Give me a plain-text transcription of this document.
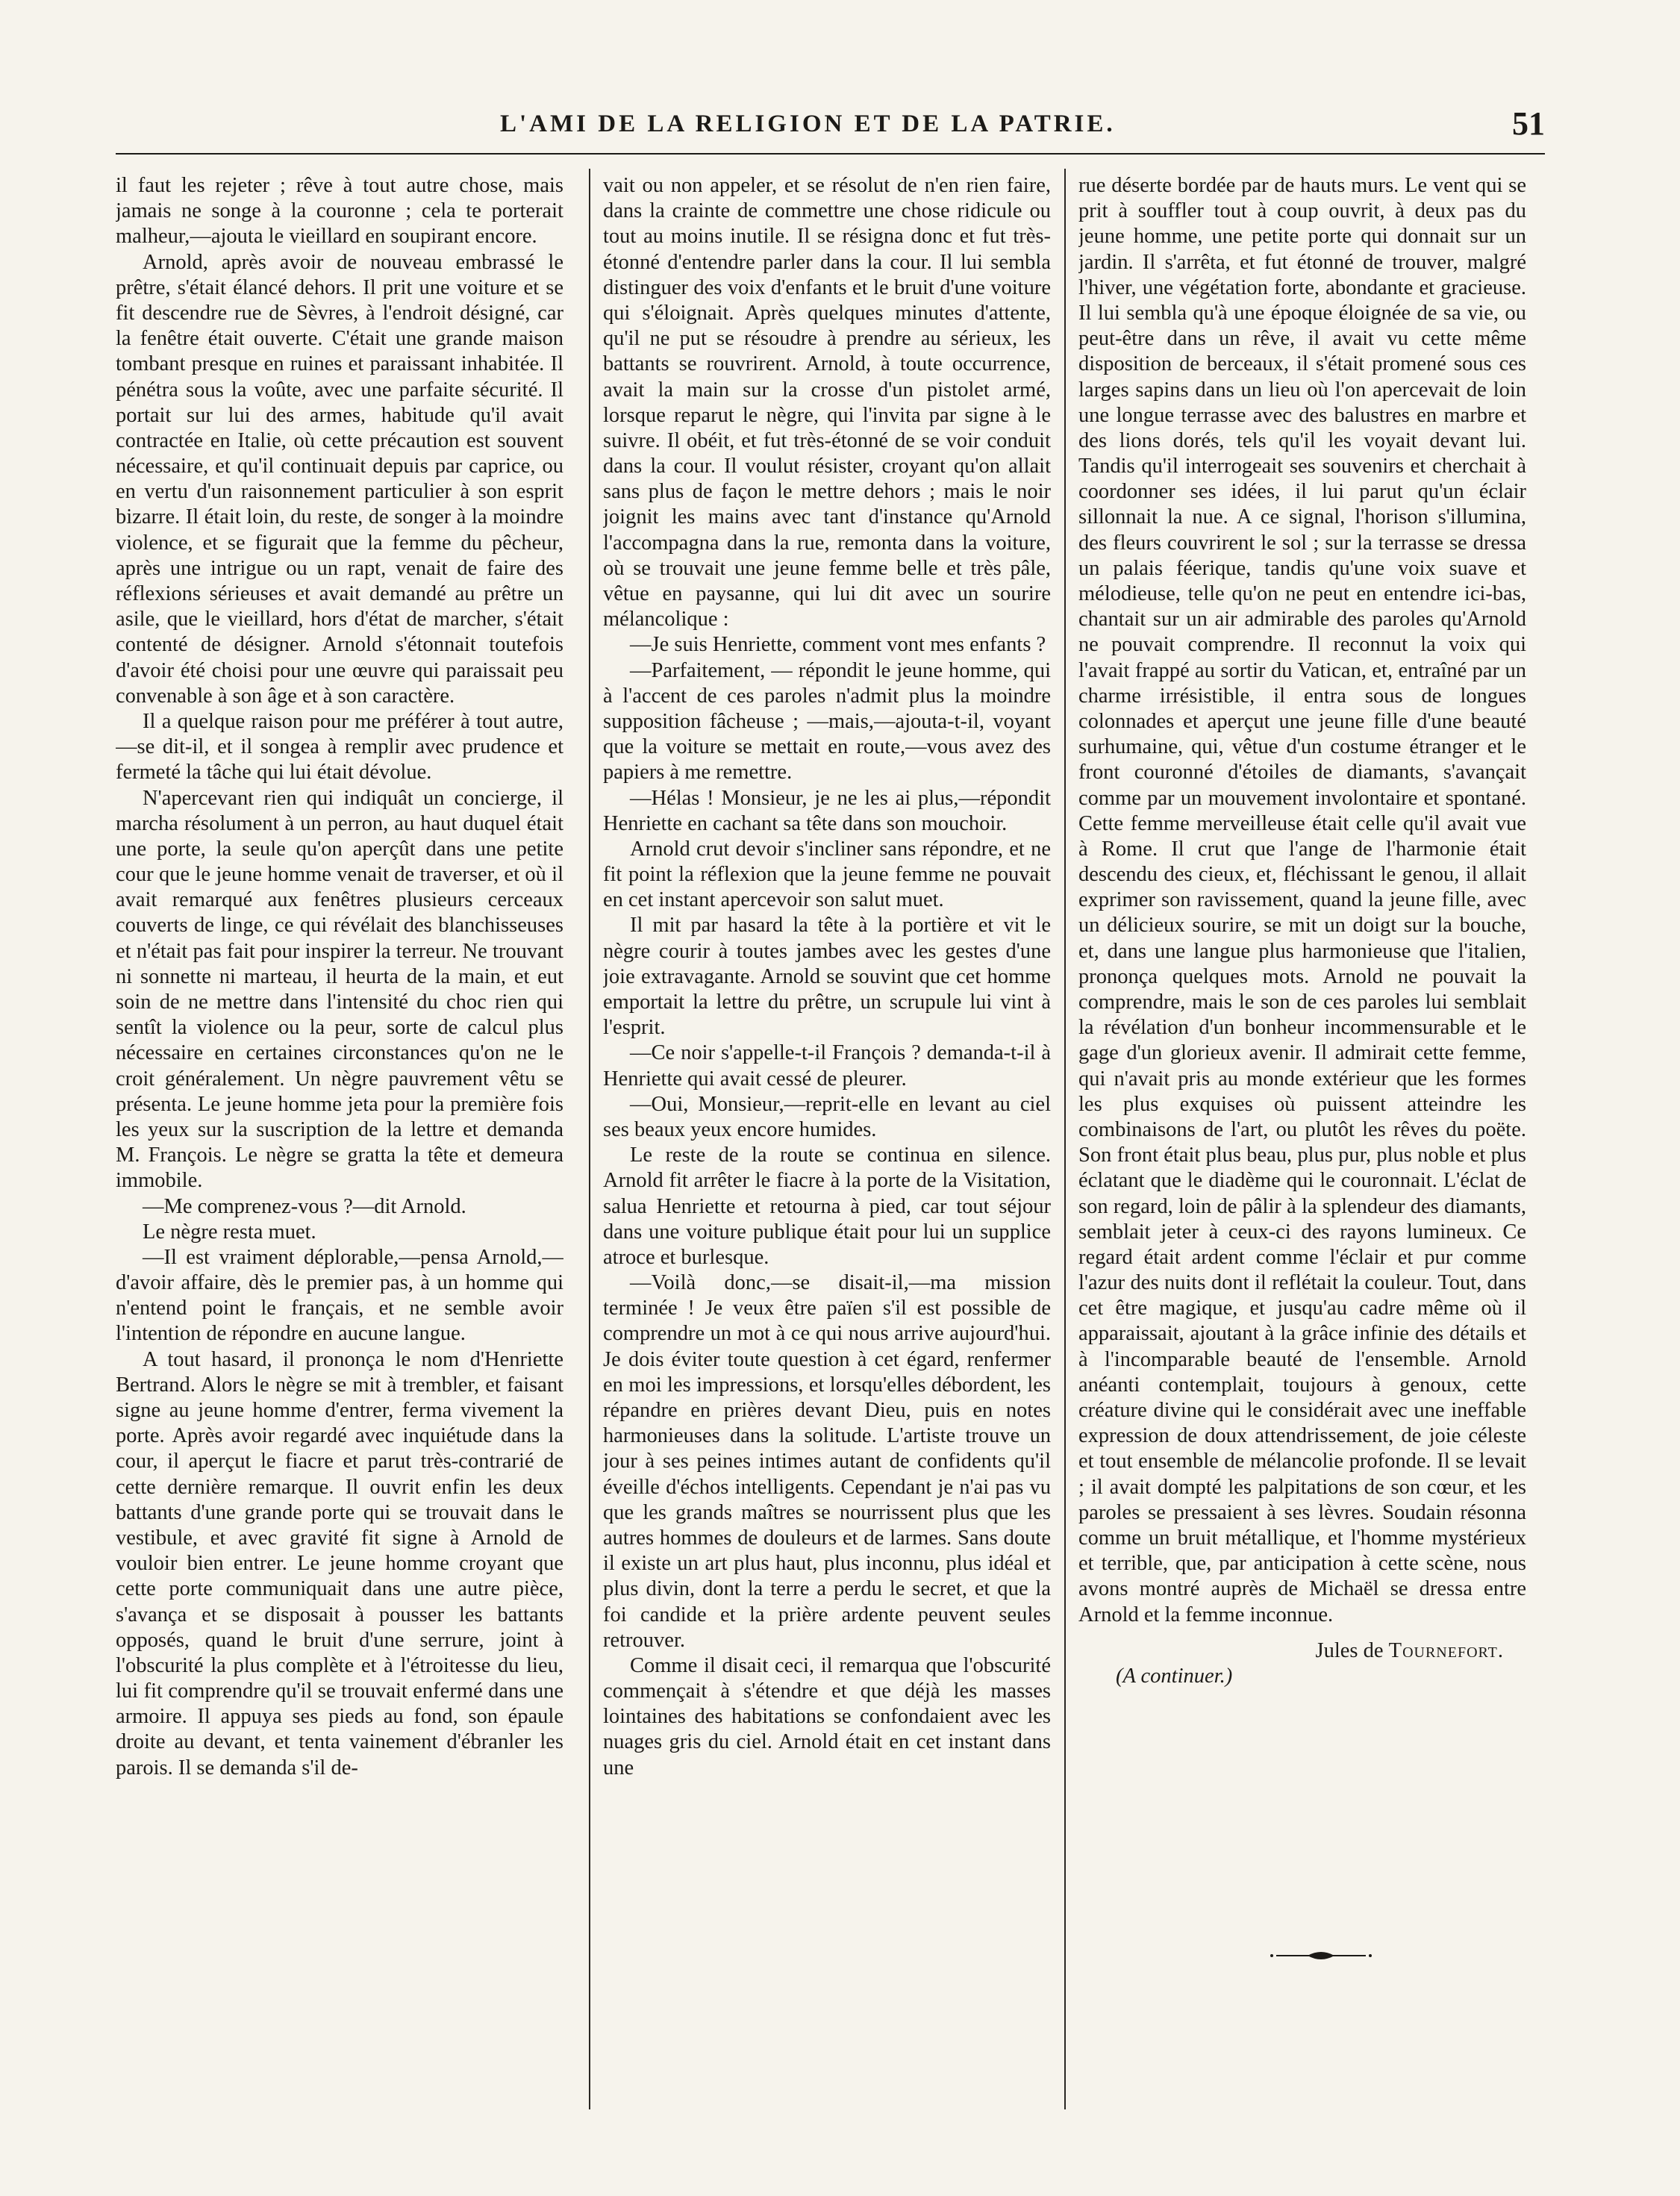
L'AMI DE LA RELIGION ET DE LA PATRIE.	51

il faut les rejeter ; rêve à tout autre chose, mais jamais ne songe à la couronne ; cela te porterait malheur,—ajouta le vieillard en soupirant encore.

Arnold, après avoir de nouveau embrassé le prêtre, s'était élancé dehors. Il prit une voiture et se fit descendre rue de Sèvres, à l'endroit désigné, car la fenêtre était ouverte. C'était une grande maison tombant presque en ruines et paraissant inhabitée. Il pénétra sous la voûte, avec une parfaite sécurité. Il portait sur lui des armes, habitude qu'il avait contractée en Italie, où cette précaution est souvent nécessaire, et qu'il continuait depuis par caprice, ou en vertu d'un raisonnement particulier à son esprit bizarre. Il était loin, du reste, de songer à la moindre violence, et se figurait que la femme du pêcheur, après une intrigue ou un rapt, venait de faire des réflexions sérieuses et avait demandé au prêtre un asile, que le vieillard, hors d'état de marcher, s'était contenté de désigner. Arnold s'étonnait toutefois d'avoir été choisi pour une œuvre qui paraissait peu convenable à son âge et à son caractère.

Il a quelque raison pour me préférer à tout autre,—se dit-il, et il songea à remplir avec prudence et fermeté la tâche qui lui était dévolue.

N'apercevant rien qui indiquât un concierge, il marcha résolument à un perron, au haut duquel était une porte, la seule qu'on aperçût dans une petite cour que le jeune homme venait de traverser, et où il avait remarqué aux fenêtres plusieurs cerceaux couverts de linge, ce qui révélait des blanchisseuses et n'était pas fait pour inspirer la terreur. Ne trouvant ni sonnette ni marteau, il heurta de la main, et eut soin de ne mettre dans l'intensité du choc rien qui sentît la violence ou la peur, sorte de calcul plus nécessaire en certaines circonstances qu'on ne le croit généralement. Un nègre pauvrement vêtu se présenta. Le jeune homme jeta pour la première fois les yeux sur la suscription de la lettre et demanda M. François. Le nègre se gratta la tête et demeura immobile.

—Me comprenez-vous ?—dit Arnold.

Le nègre resta muet.

—Il est vraiment déplorable,—pensa Arnold,—d'avoir affaire, dès le premier pas, à un homme qui n'entend point le français, et ne semble avoir l'intention de répondre en aucune langue.

A tout hasard, il prononça le nom d'Henriette Bertrand. Alors le nègre se mit à trembler, et faisant signe au jeune homme d'entrer, ferma vivement la porte. Après avoir regardé avec inquiétude dans la cour, il aperçut le fiacre et parut très-contrarié de cette dernière remarque. Il ouvrit enfin les deux battants d'une grande porte qui se trouvait dans le vestibule, et avec gravité fit signe à Arnold de vouloir bien entrer. Le jeune homme croyant que cette porte communiquait dans une autre pièce, s'avança et se disposait à pousser les battants opposés, quand le bruit d'une serrure, joint à l'obscurité la plus complète et à l'étroitesse du lieu, lui fit comprendre qu'il se trouvait enfermé dans une armoire. Il appuya ses pieds au fond, son épaule droite au devant, et tenta vainement d'ébranler les parois. Il se demanda s'il de-

vait ou non appeler, et se résolut de n'en rien faire, dans la crainte de commettre une chose ridicule ou tout au moins inutile. Il se résigna donc et fut très-étonné d'entendre parler dans la cour. Il lui sembla distinguer des voix d'enfants et le bruit d'une voiture qui s'éloignait. Après quelques minutes d'attente, qu'il ne put se résoudre à prendre au sérieux, les battants se rouvrirent. Arnold, à toute occurrence, avait la main sur la crosse d'un pistolet armé, lorsque reparut le nègre, qui l'invita par signe à le suivre. Il obéit, et fut très-étonné de se voir conduit dans la cour. Il voulut résister, croyant qu'on allait sans plus de façon le mettre dehors ; mais le noir joignit les mains avec tant d'instance qu'Arnold l'accompagna dans la rue, remonta dans la voiture, où se trouvait une jeune femme belle et très pâle, vêtue en paysanne, qui lui dit avec un sourire mélancolique :

—Je suis Henriette, comment vont mes enfants ?

—Parfaitement, — répondit le jeune homme, qui à l'accent de ces paroles n'admit plus la moindre supposition fâcheuse ; —mais,—ajouta-t-il, voyant que la voiture se mettait en route,—vous avez des papiers à me remettre.

—Hélas ! Monsieur, je ne les ai plus,—répondit Henriette en cachant sa tête dans son mouchoir.

Arnold crut devoir s'incliner sans répondre, et ne fit point la réflexion que la jeune femme ne pouvait en cet instant apercevoir son salut muet.

Il mit par hasard la tête à la portière et vit le nègre courir à toutes jambes avec les gestes d'une joie extravagante. Arnold se souvint que cet homme emportait la lettre du prêtre, un scrupule lui vint à l'esprit.

—Ce noir s'appelle-t-il François ? demanda-t-il à Henriette qui avait cessé de pleurer.

—Oui, Monsieur,—reprit-elle en levant au ciel ses beaux yeux encore humides.

Le reste de la route se continua en silence. Arnold fit arrêter le fiacre à la porte de la Visitation, salua Henriette et retourna à pied, car tout séjour dans une voiture publique était pour lui un supplice atroce et burlesque.

—Voilà donc,—se disait-il,—ma mission terminée ! Je veux être païen s'il est possible de comprendre un mot à ce qui nous arrive aujourd'hui. Je dois éviter toute question à cet égard, renfermer en moi les impressions, et lorsqu'elles débordent, les répandre en prières devant Dieu, puis en notes harmonieuses dans la solitude. L'artiste trouve un jour à ses peines intimes autant de confidents qu'il éveille d'échos intelligents. Cependant je n'ai pas vu que les grands maîtres se nourrissent plus que les autres hommes de douleurs et de larmes. Sans doute il existe un art plus haut, plus inconnu, plus idéal et plus divin, dont la terre a perdu le secret, et que la foi candide et la prière ardente peuvent seules retrouver.

Comme il disait ceci, il remarqua que l'obscurité commençait à s'étendre et que déjà les masses lointaines des habitations se confondaient avec les nuages gris du ciel. Arnold était en cet instant dans une

rue déserte bordée par de hauts murs. Le vent qui se prit à souffler tout à coup ouvrit, à deux pas du jeune homme, une petite porte qui donnait sur un jardin. Il s'arrêta, et fut étonné de trouver, malgré l'hiver, une végétation forte, abondante et gracieuse. Il lui sembla qu'à une époque éloignée de sa vie, ou peut-être dans un rêve, il avait vu cette même disposition de berceaux, il s'était promené sous ces larges sapins dans un lieu où l'on apercevait de loin une longue terrasse avec des balustres en marbre et des lions dorés, tels qu'il les voyait devant lui. Tandis qu'il interrogeait ses souvenirs et cherchait à coordonner ses idées, il lui parut qu'un éclair sillonnait la nue. A ce signal, l'horison s'illumina, des fleurs couvrirent le sol ; sur la terrasse se dressa un palais féerique, tandis qu'une voix suave et mélodieuse, telle qu'on ne peut en entendre ici-bas, chantait sur un air admirable des paroles qu'Arnold ne pouvait comprendre. Il reconnut la voix qui l'avait frappé au sortir du Vatican, et, entraîné par un charme irrésistible, il entra sous de longues colonnades et aperçut une jeune fille d'une beauté surhumaine, qui, vêtue d'un costume étranger et le front couronné d'étoiles de diamants, s'avançait comme par un mouvement involontaire et spontané. Cette femme merveilleuse était celle qu'il avait vue à Rome. Il crut que l'ange de l'harmonie était descendu des cieux, et, fléchissant le genou, il allait exprimer son ravissement, quand la jeune fille, avec un délicieux sourire, se mit un doigt sur la bouche, et, dans une langue plus harmonieuse que l'italien, prononça quelques mots. Arnold ne pouvait la comprendre, mais le son de ces paroles lui semblait la révélation d'un bonheur incommensurable et le gage d'un glorieux avenir. Il admirait cette femme, qui n'avait pris au monde extérieur que les formes les plus exquises où puissent atteindre les combinaisons de l'art, ou plutôt les rêves du poëte. Son front était plus beau, plus pur, plus noble et plus éclatant que le diadème qui le couronnait. L'éclat de son regard, loin de pâlir à la splendeur des diamants, semblait jeter à ceux-ci des rayons lumineux. Ce regard était ardent comme l'éclair et pur comme l'azur des nuits dont il reflétait la couleur. Tout, dans cet être magique, et jusqu'au cadre même où il apparaissait, ajoutant à la grâce infinie des détails et à l'incomparable beauté de l'ensemble. Arnold anéanti contemplait, toujours à genoux, cette créature divine qui le considérait avec une ineffable expression de doux attendrissement, de joie céleste et tout ensemble de mélancolie profonde. Il se levait ; il avait dompté les palpitations de son cœur, et les paroles se pressaient à ses lèvres. Soudain résonna comme un bruit métallique, et l'homme mystérieux et terrible, que, par anticipation à cette scène, nous avons montré auprès de Michaël se dressa entre Arnold et la femme inconnue.

Jules de Tournefort.

(A continuer.)
